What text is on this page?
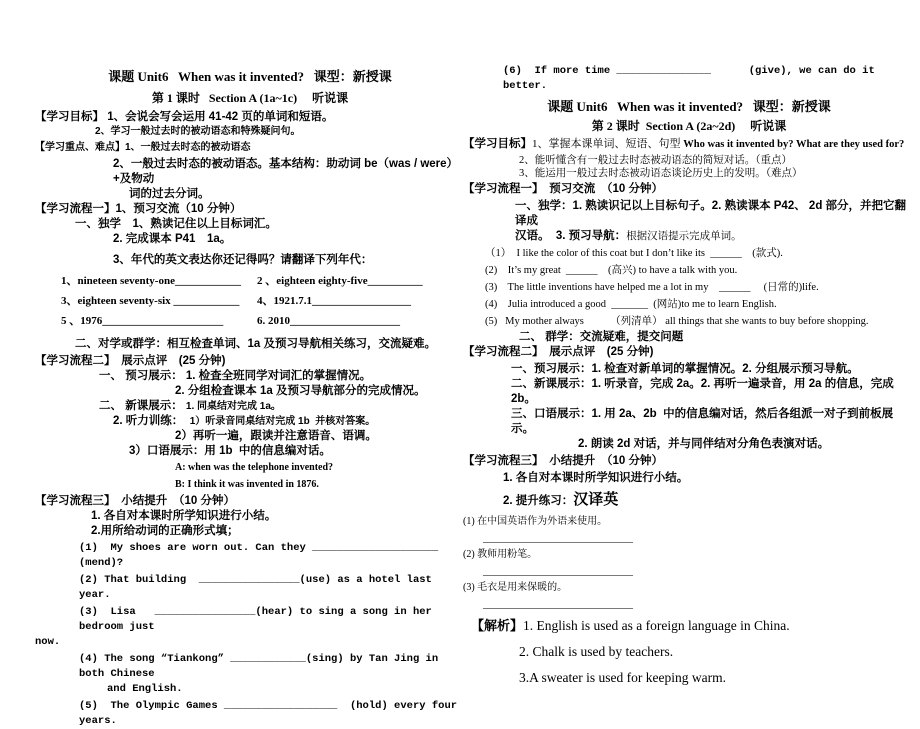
课题 Unit6   When was it invented?   课型：新授课
第 1 课时   Section A (1a~1c)     听说课
【学习目标】 1、会说会写会运用 41-42 页的单词和短语。
2、学习一般过去时的被动语态和特殊疑问句。
【学习重点、难点】1、一般过去时态的被动语态
2、一般过去时态的被动语态。基本结构：助动词 be（was / were）+及物动
词的过去分词。
【学习流程一】1、预习交流（10 分钟）
一、独学　1、熟读记住以上目标词汇。
2. 完成课本 P41　1a。
3、年代的英文表达你还记得吗？请翻译下列年代：
1、nineteen seventy-one____________ 2 、eighteen eighty-five__________
3、eighteen seventy-six ____________ 4、1921.7.1__________________
5 、1976______________________	6. 2010____________________
二、对学或群学：相互检查单词、1a 及预习导航相关练习，交流疑难。
【学习流程二】　展示点评　(25 分钟)
一、 预习展示： 1. 检查全班同学对词汇的掌握情况。
2. 分组检查课本 1a 及预习导航部分的完成情况。
二、 新课展示： 1. 同桌结对完成 1a。
2. 听力训练：  1）听录音同桌结对完成 1b  并核对答案。
2）再听一遍，跟读并注意语音、语调。
3）口语展示：用 1b  中的信息编对话。
A: when was the telephone invented?
B: I think it was invented in 1876.
【学习流程三】　小结提升　（10 分钟）
1. 各自对本课时所学知识进行小结。
2.用所给动词的正确形式填；
(1)  My shoes are worn out. Can they ____________________ (mend)?
(2) That building  ________________(use) as a hotel last year.
(3)  Lisa   ________________(hear) to sing a song in her bedroom just
now.
(4) The song “Tiankong” ____________(sing) by Tan Jing in both Chinese
and English.
(5)  The Olympic Games __________________  (hold) every four years.
(6)  If more time _______________      (give), we can do it better.
课题 Unit6   When was it invented?   课型：新授课
第 2 课时  Section A (2a~2d)     听说课
【学习目标】1、掌握本课单词、短语、句型 Who was it invented by? What are they used for?
2、能听懂含有一般过去时态被动语态的简短对话。（重点）
3、能运用一般过去时态被动语态谈论历史上的发明。（难点）
【学习流程一】　预习交流　（10 分钟）
一、独学：1. 熟读识记以上目标句子。2. 熟读课本 P42、 2d 部分，并把它翻译成
汉语。  3. 预习导航：根据汉语提示完成单词。
（1）  I like the color of this coat but I don’t like its  ______    (款式).
(2)    It’s my great  ______    (高兴) to have a talk with you.
(3)    The little inventions have helped me a lot in my    ______     (日常的)life.
(4)    Julia introduced a good  _______  (网站)to me to learn English.
(5)   My mother always          （列清单） all things that she wants to buy before shopping.
二、 群学：交流疑难，提交问题
【学习流程二】　展示点评　(25 分钟)
一、预习展示：1. 检查对新单词的掌握情况。2. 分组展示预习导航。
二、新课展示：1. 听录音，完成 2a。2. 再听一遍录音，用 2a 的信息，完成 2b。
三、口语展示：1. 用 2a、2b  中的信息编对话，然后各组派一对子到前板展示。
2. 朗读 2d 对话，并与同伴结对分角色表演对话。
【学习流程三】　小结提升　（10 分钟）
1. 各自对本课时所学知识进行小结。
2. 提升练习：汉译英
(1) 在中国英语作为外语来使用。
______________________________
(2) 教师用粉笔。
______________________________
(3) 毛衣是用来保暖的。
______________________________
【解析】1. English is used as a foreign language in China.
2. Chalk is used by teachers.
3.A sweater is used for keeping warm.
